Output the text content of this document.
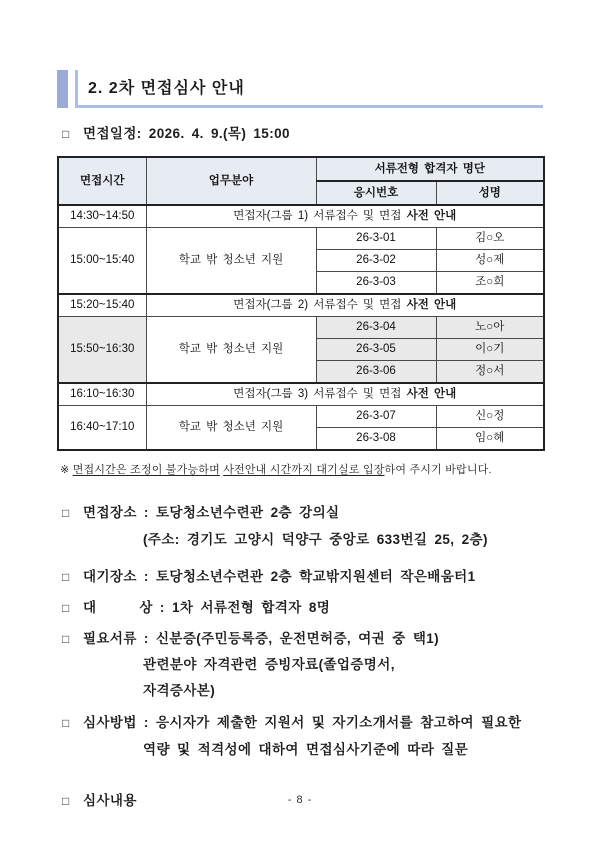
2. 2차 면접심사 안내
□	면접일정: 2026. 4. 9.(목) 15:00
면접시간	업무분야	서류전형 합격자 명단	
		응시번호	성명
14:30~14:50	면접자(그룹 1) 서류접수 및 면접 사전 안내		
15:00~15:40	학교 밖 청소년 지원	26-3-01	김○오
		26-3-02	성○제
		26-3-03	조○희
15:20~15:40	면접자(그룹 2) 서류접수 및 면접 사전 안내		
15:50~16:30	학교 밖 청소년 지원	26-3-04	노○아
		26-3-05	이○기
		26-3-06	정○서
16:10~16:30	면접자(그룹 3) 서류접수 및 면접 사전 안내		
16:40~17:10	학교 밖 청소년 지원	26-3-07	신○정
		26-3-08	임○혜
※ 면접시간은 조정이 불가능하며 사전안내 시간까지 대기실로 입장하여 주시기 바랍니다.
□	면접장소 : 토당청소년수련관 2층 강의실
(주소: 경기도 고양시 덕양구 중앙로 633번길 25, 2층)
□	대기장소 : 토당청소년수련관 2층 학교밖지원센터 작은배움터1
□	대      상 : 1차 서류전형 합격자 8명
□	필요서류 : 신분증(주민등록증, 운전면허증, 여권 중 택1)
관련분야 자격관련 증빙자료(졸업증명서,
자격증사본)
□	심사방법 : 응시자가 제출한 지원서 및 자기소개서를 참고하여 필요한
역량 및 적격성에 대하여 면접심사기준에 따라 질문
□	심사내용	- 8 -
